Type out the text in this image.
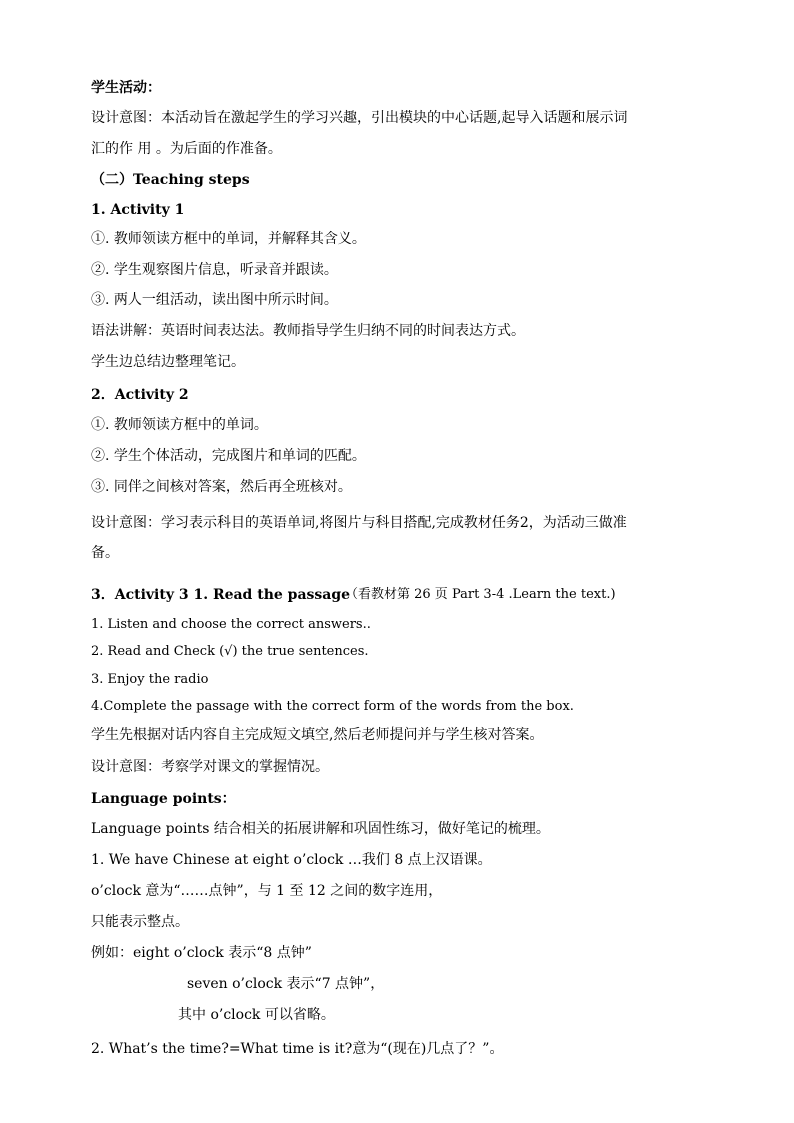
学生活动：
设计意图：本活动旨在激起学生的学习兴趣，引出模块的中心话题,起导入话题和展示词
汇的作 用 。为后面的作准备。
（二）Teaching steps
1. Activity 1
①. 教师领读方框中的单词，并解释其含义。
②. 学生观察图片信息，听录音并跟读。
③. 两人一组活动，读出图中所示时间。
语法讲解：英语时间表达法。教师指导学生归纳不同的时间表达方式。
学生边总结边整理笔记。
2．Activity 2
①. 教师领读方框中的单词。
②. 学生个体活动，完成图片和单词的匹配。
③. 同伴之间核对答案，然后再全班核对。
设计意图：学习表示科目的英语单词,将图片与科目搭配,完成教材任务2，为活动三做准
备。
3．Activity 3 1. Read the passage
（看教材第 26 页 Part 3-4 .Learn the text.)
1. Listen and choose the correct answers..
2. Read and Check (√) the true sentences.
3. Enjoy the radio
4.Complete the passage with the correct form of the words from the box.
学生先根据对话内容自主完成短文填空,然后老师提问并与学生核对答案。
设计意图：考察学对课文的掌握情况。
Language points：
Language points 结合相关的拓展讲解和巩固性练习，做好笔记的梳理。
1. We have Chinese at eight o’clock …我们 8 点上汉语课。
o’clock 意为“……点钟”，与 1 至 12 之间的数字连用，
只能表示整点。
例如：eight o’clock 表示“8 点钟”
seven o’clock 表示“7 点钟”，
其中 o’clock 可以省略。
2. What’s the time?=What time is it?意为“(现在)几点了？”。
